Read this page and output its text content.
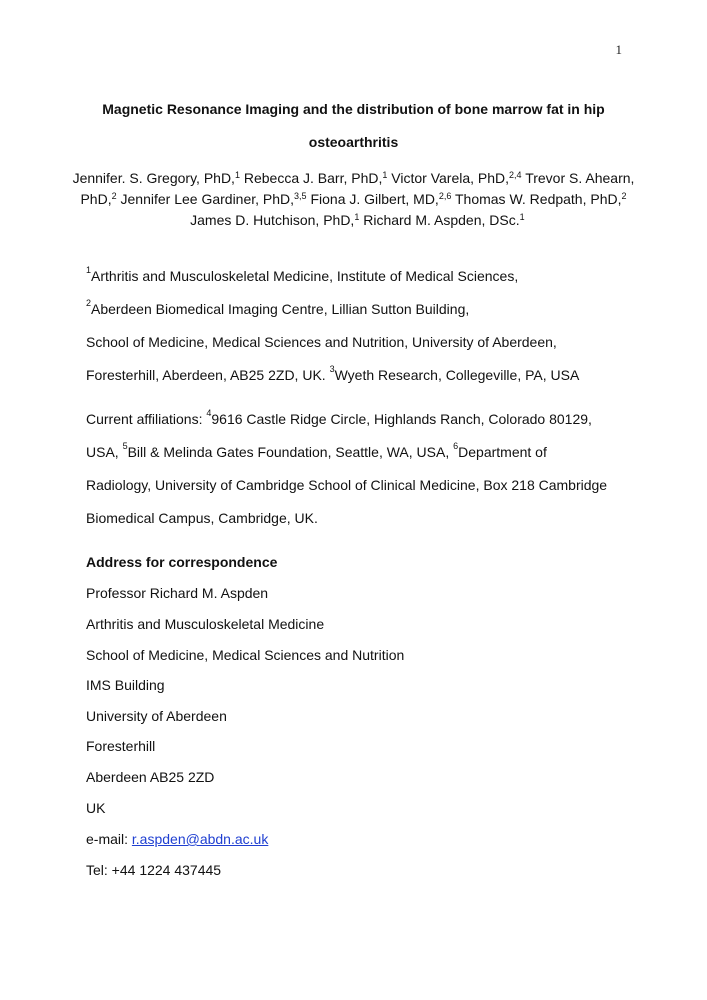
1
Magnetic Resonance Imaging and the distribution of bone marrow fat in hip
osteoarthritis
Jennifer. S. Gregory, PhD,$^1$ Rebecca J. Barr, PhD,$^1$ Victor Varela, PhD,$^{2,4}$ Trevor S. Ahearn, PhD,$^2$ Jennifer Lee Gardiner, PhD,$^{3,5}$ Fiona J. Gilbert, MD,$^{2,6}$ Thomas W. Redpath, PhD,$^2$  James D. Hutchison, PhD,$^1$ Richard M. Aspden, DSc.$^1$
$^1$Arthritis and Musculoskeletal Medicine, Institute of Medical Sciences,
$^2$Aberdeen Biomedical Imaging Centre, Lillian Sutton Building,
School of Medicine, Medical Sciences and Nutrition, University of Aberdeen,
Foresterhill, Aberdeen, AB25 2ZD, UK. $^3$Wyeth Research, Collegeville, PA, USA
Current affiliations: $^4$9616 Castle Ridge Circle, Highlands Ranch, Colorado 80129,
USA, $^5$Bill & Melinda Gates Foundation, Seattle, WA, USA, $^6$Department of
Radiology, University of Cambridge School of Clinical Medicine, Box 218 Cambridge
Biomedical Campus, Cambridge, UK.
Address for correspondence
Professor Richard M. Aspden
Arthritis and Musculoskeletal Medicine
School of Medicine, Medical Sciences and Nutrition
IMS Building
University of Aberdeen
Foresterhill
Aberdeen AB25 2ZD
UK
e-mail: r.aspden@abdn.ac.uk
Tel: +44 1224 437445
